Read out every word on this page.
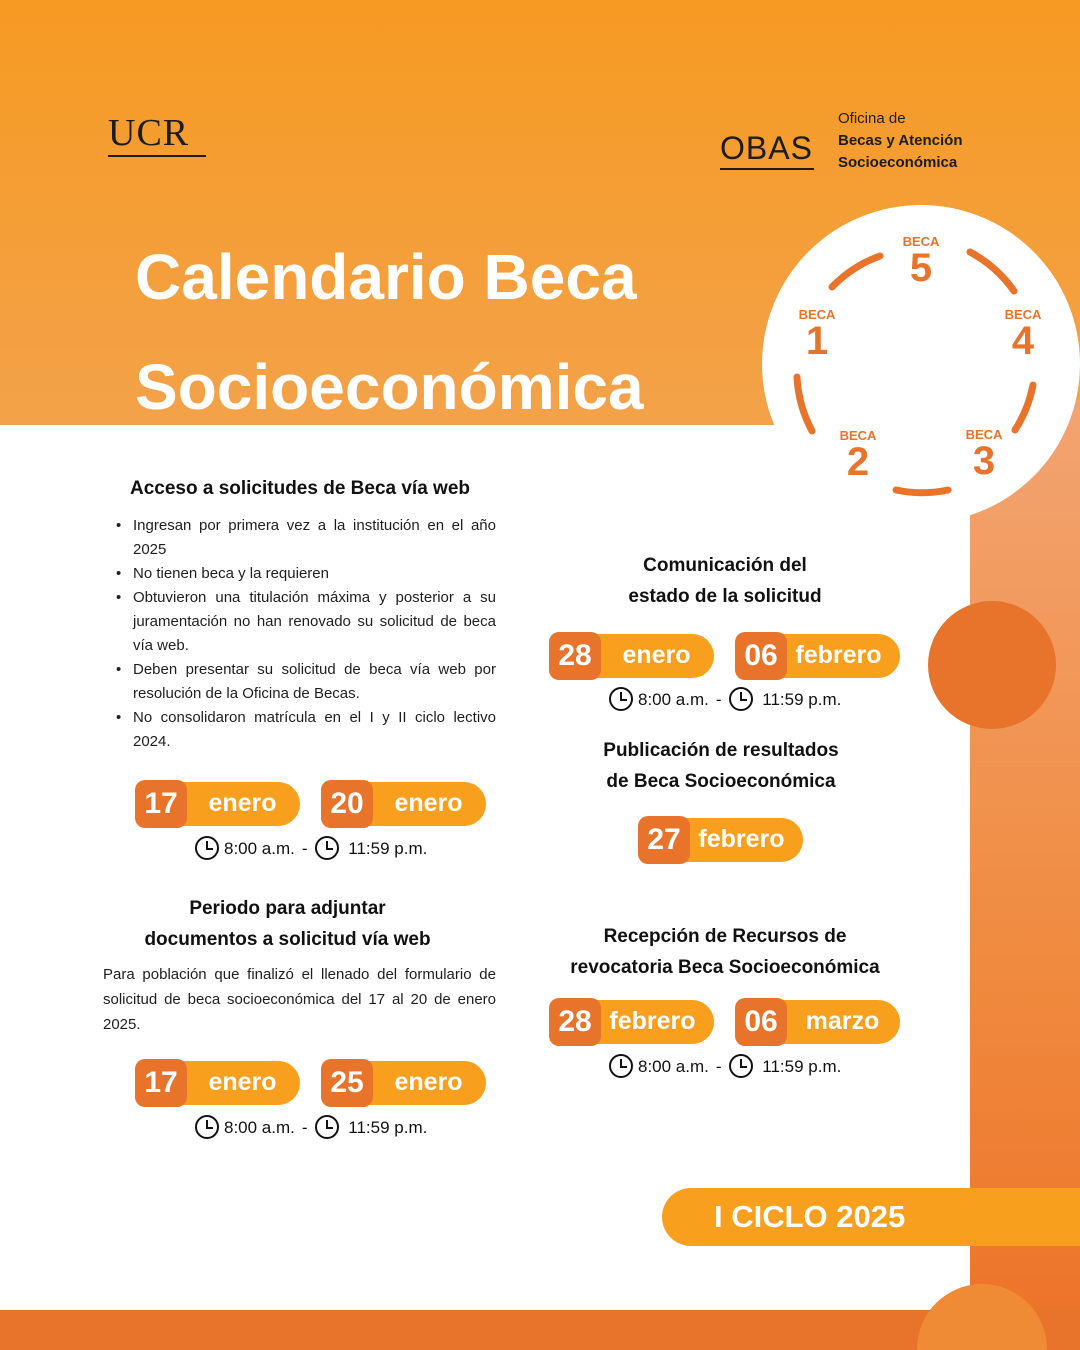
UCR	OBAS
Oficina de
Becas y Atención
Socioeconómica
Calendario Beca
Socioeconómica
BECA
5
BECA
1
BECA
4
BECA
2
BECA
3
Acceso a solicitudes de Beca vía web
• Ingresan por primera vez a la institución en el año 2025
• No tienen beca y la requieren
• Obtuvieron una titulación máxima y posterior a su juramentación no han renovado su solicitud de beca vía web.
• Deben presentar su solicitud de beca vía web por resolución de la Oficina de Becas.
• No consolidaron matrícula en el I y II ciclo lectivo 2024.
17	enero	20	enero
8:00 a.m. - 11:59 p.m.
Periodo para adjuntar
documentos a solicitud vía web

Para población que finalizó el llenado del formulario de solicitud de beca socioeconómica del 17 al 20 de enero 2025.

17	enero	25	enero
8:00 a.m. - 11:59 p.m.
Comunicación del
estado de la solicitud
28	enero	06 febrero
8:00 a.m. - 11:59 p.m.
Publicación de resultados
de Beca Socioeconómica
27 febrero
Recepción de Recursos de
revocatoria Beca Socioeconómica
28 febrero	06	marzo
8:00 a.m. - 11:59 p.m.
I CICLO 2025
